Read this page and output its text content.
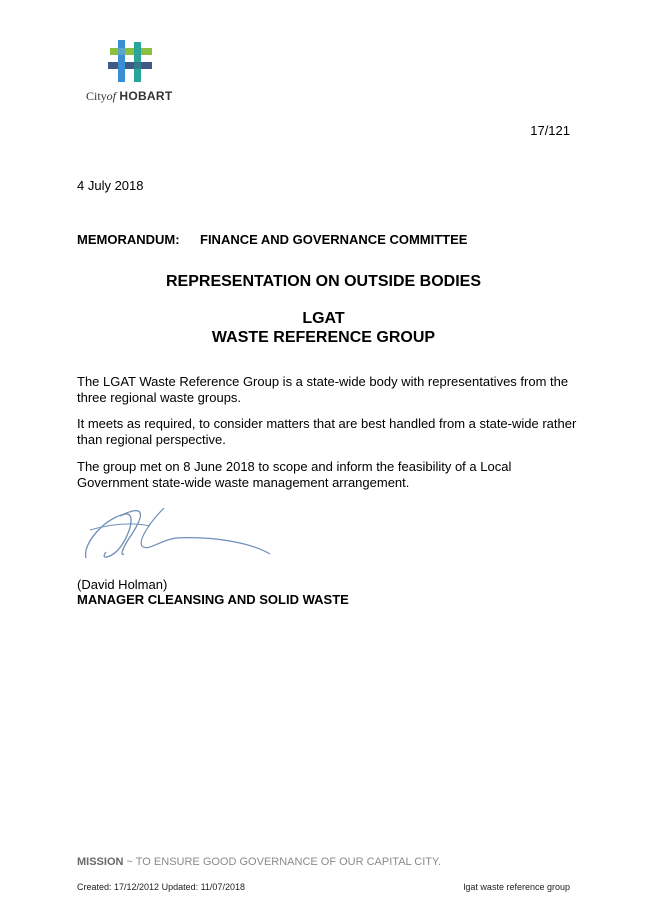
Cityof HOBART
17/121
4 July 2018
MEMORANDUM: FINANCE AND GOVERNANCE COMMITTEE
REPRESENTATION ON OUTSIDE BODIES
LGAT
WASTE REFERENCE GROUP
The LGAT Waste Reference Group is a state-wide body with representatives from the three regional waste groups.
It meets as required, to consider matters that are best handled from a state-wide rather than regional perspective.
The group met on 8 June 2018 to scope and inform the feasibility of a Local Government state-wide waste management arrangement.
(David Holman)
MANAGER CLEANSING AND SOLID WASTE
MISSION ~ TO ENSURE GOOD GOVERNANCE OF OUR CAPITAL CITY.
Created: 17/12/2012 Updated: 11/07/2018	lgat waste reference group
